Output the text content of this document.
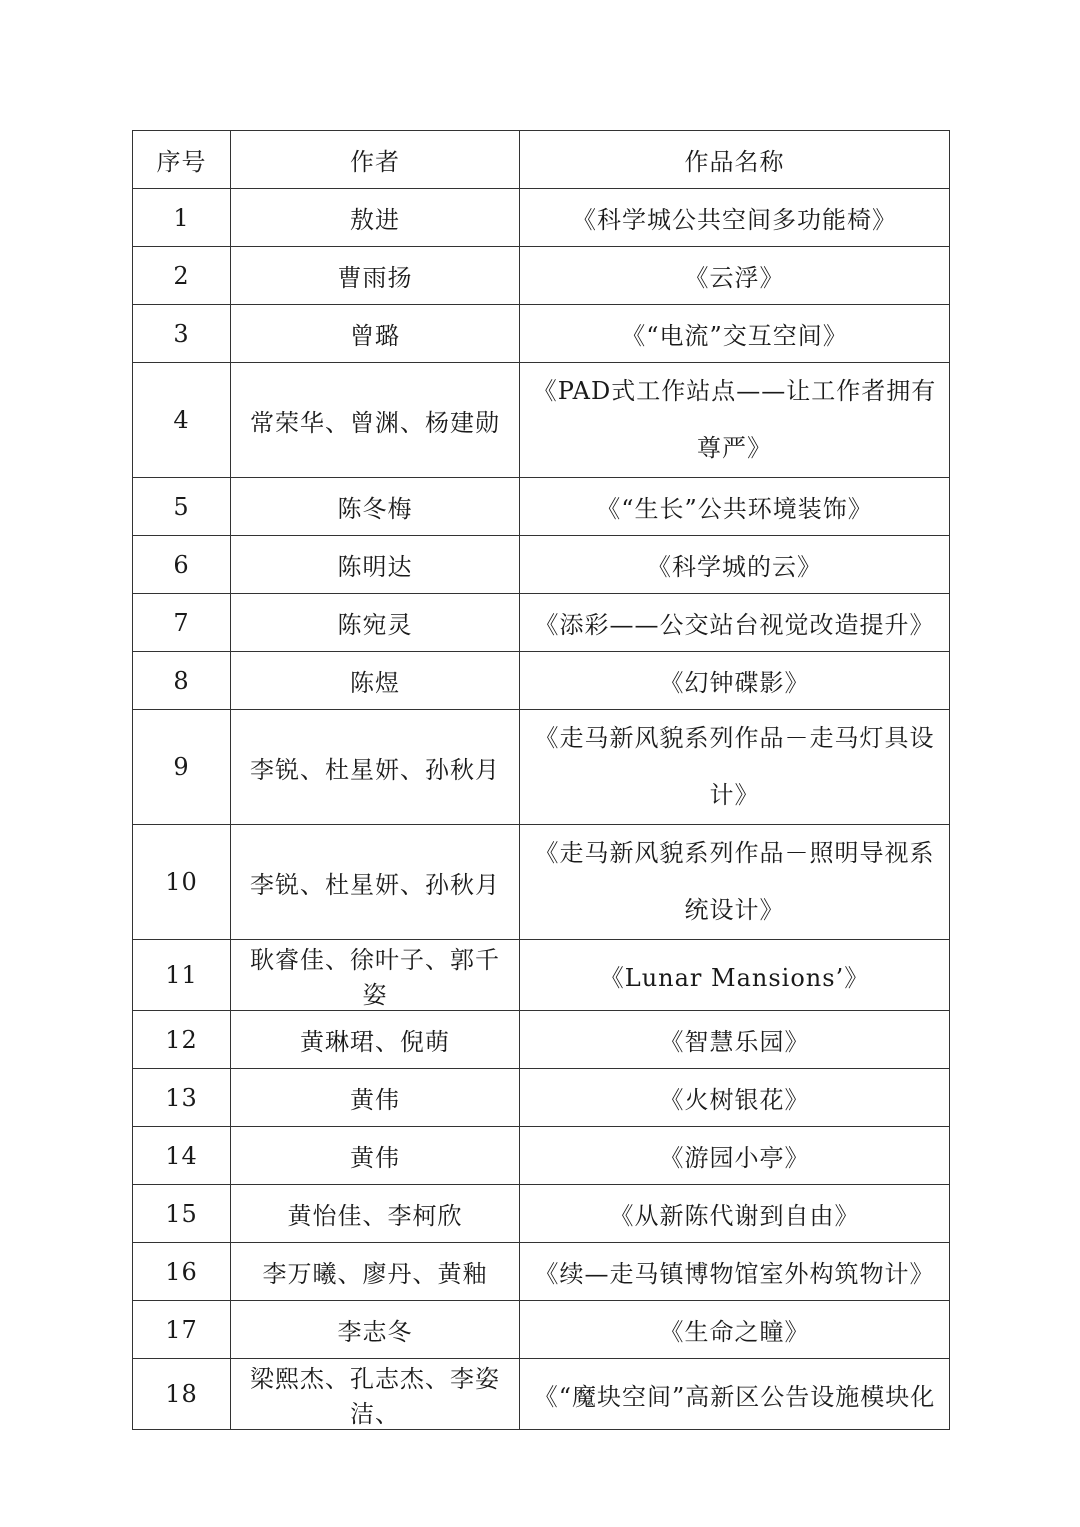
序号	作者	作品名称
1	敖进	《科学城公共空间多功能椅》
2	曹雨扬	《云浮》
3	曾璐	《“电流”交互空间》
4	常荣华、曾渊、杨建勋	《PAD式工作站点——让工作者拥有尊严》
5	陈冬梅	《“生长”公共环境装饰》
6	陈明达	《科学城的云》
7	陈宛灵	《添彩——公交站台视觉改造提升》
8	陈煜	《幻钟碟影》
9	李锐、杜星妍、孙秋月	《走马新风貌系列作品－走马灯具设计》
10	李锐、杜星妍、孙秋月	《走马新风貌系列作品－照明导视系统设计》
11	耿睿佳、徐叶子、郭千姿	《Lunar Mansions’》
12	黄琳珺、倪萌	《智慧乐园》
13	黄伟	《火树银花》
14	黄伟	《游园小亭》
15	黄怡佳、李柯欣	《从新陈代谢到自由》
16	李万曦、廖丹、黄釉	《续—走马镇博物馆室外构筑物计》
17	李志冬	《生命之瞳》
18	梁熙杰、孔志杰、李姿洁、	《“魔块空间”高新区公告设施模块化
